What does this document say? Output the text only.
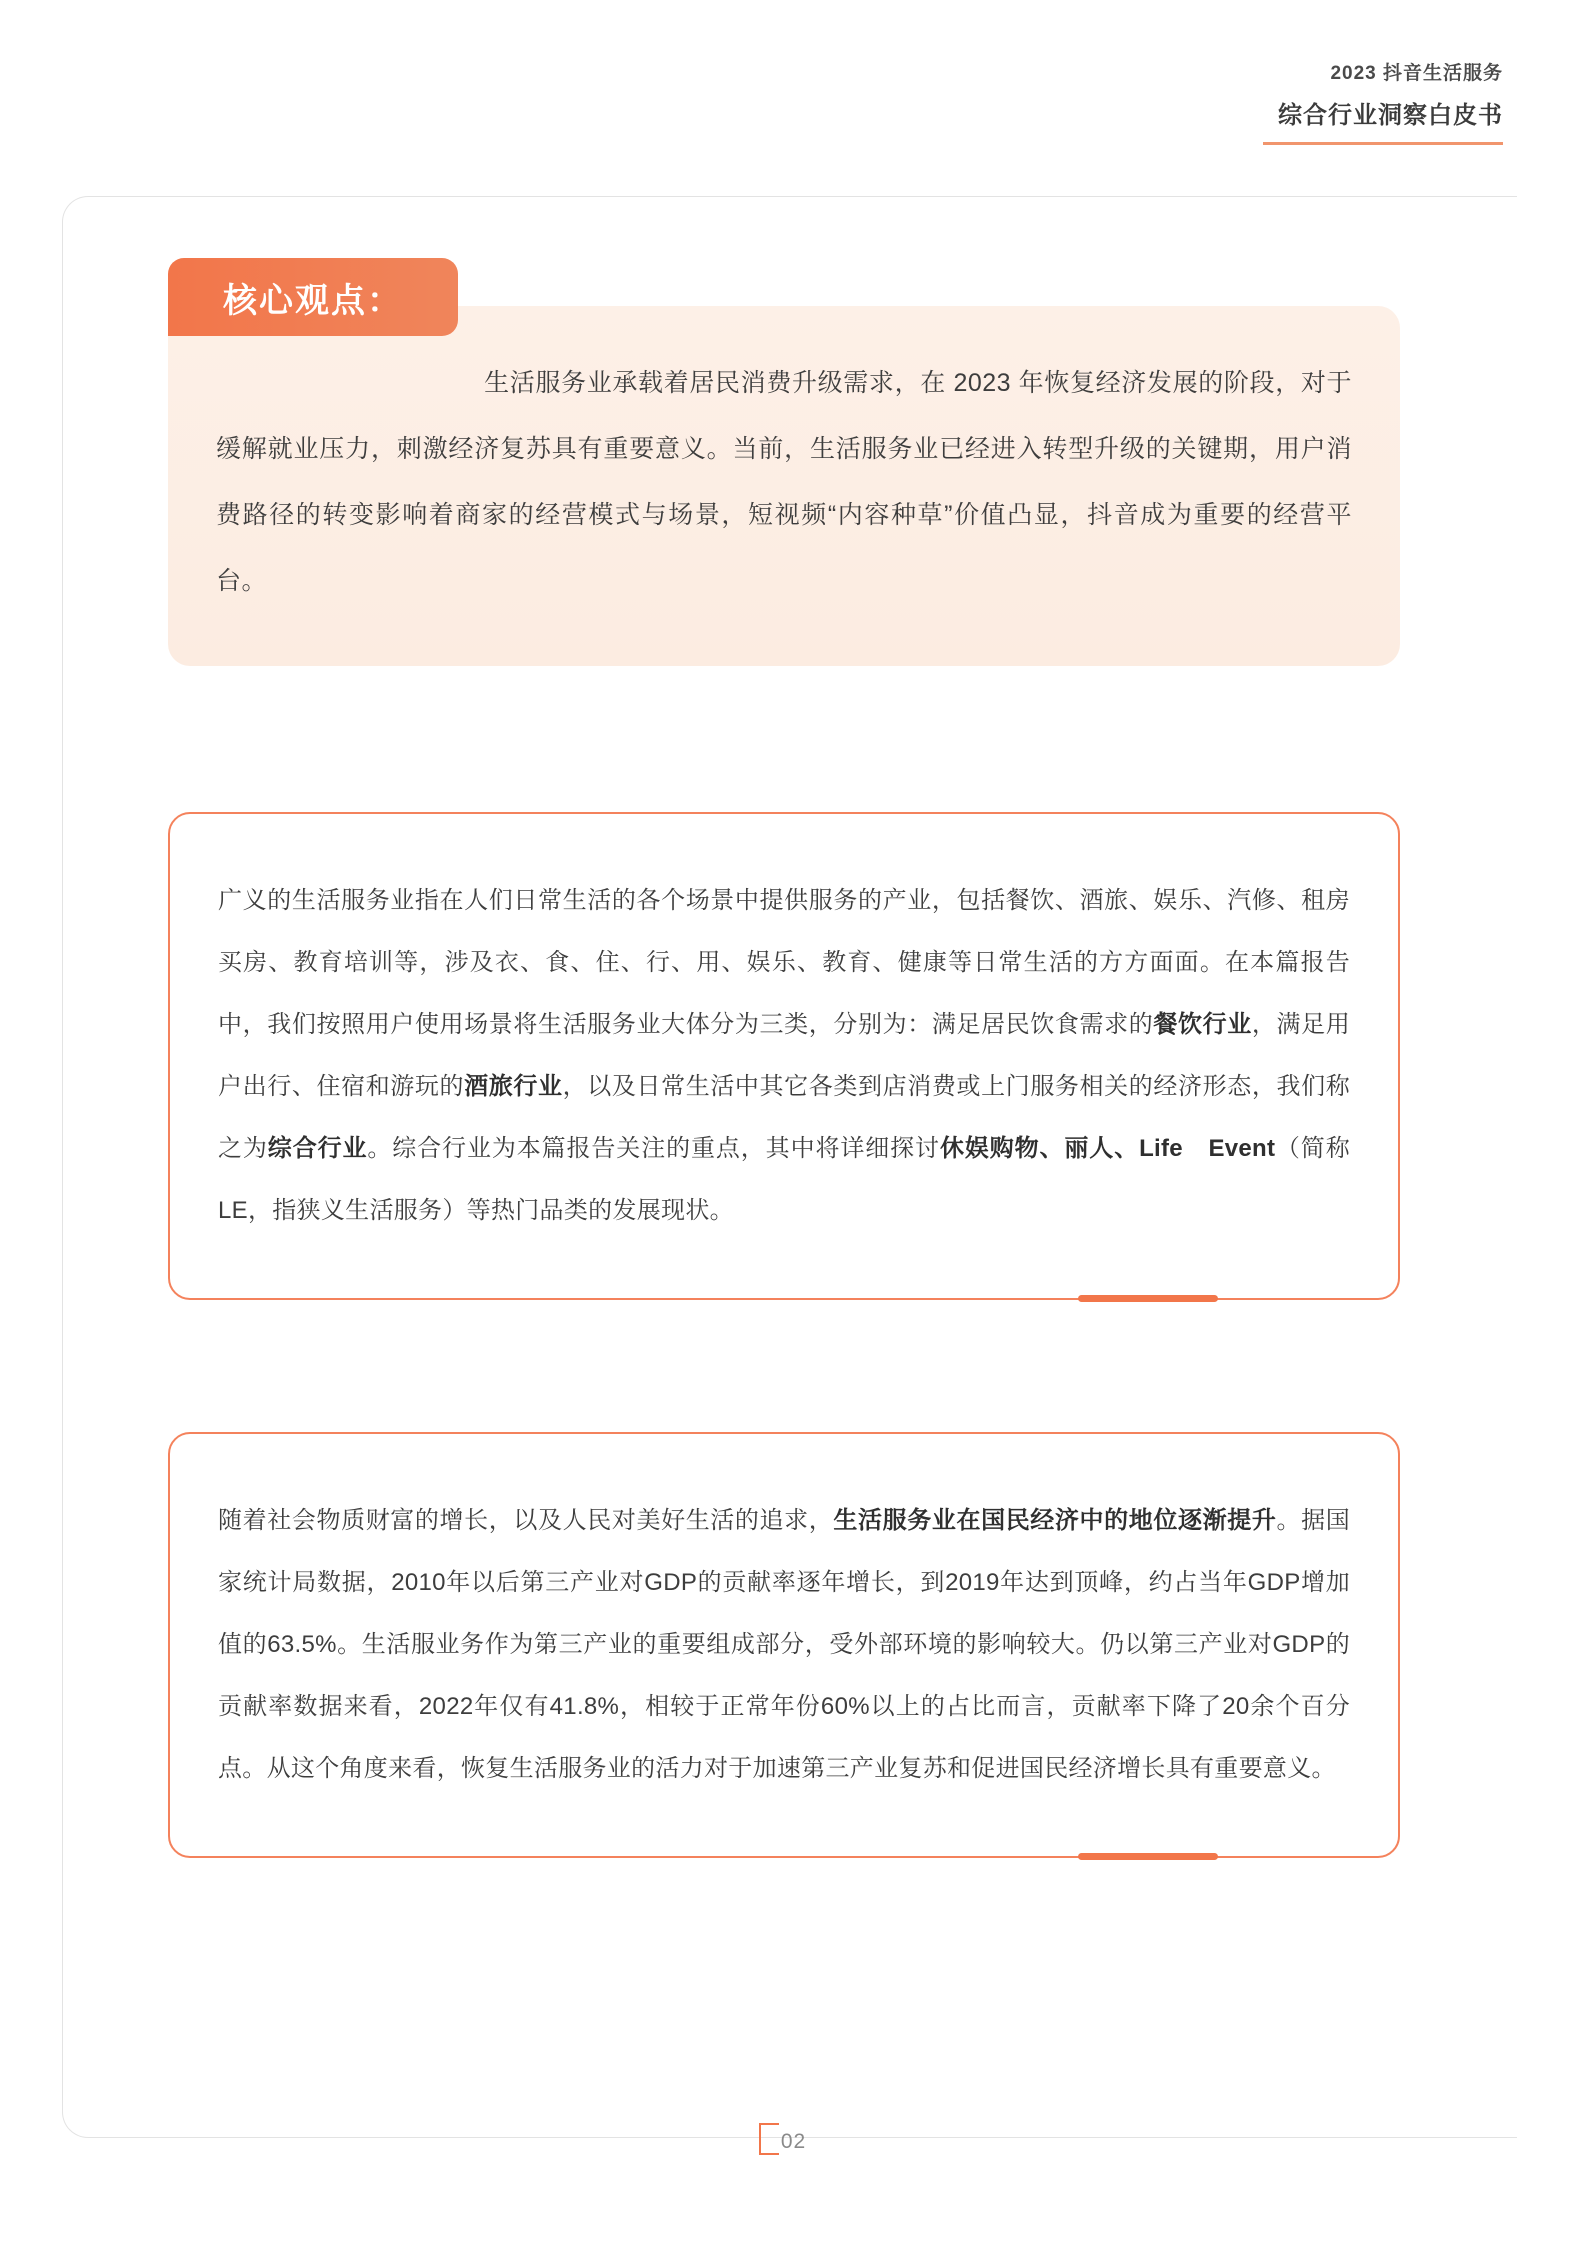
2023 抖音生活服务
综合行业洞察白皮书
生活服务业承载着居民消费升级需求，在 2023 年恢复经济发展的阶段，对于缓解就业压力，刺激经济复苏具有重要意义。当前，生活服务业已经进入转型升级的关键期，用户消费路径的转变影响着商家的经营模式与场景，短视频“内容种草”价值凸显，抖音成为重要的经营平台。
核心观点：
广义的生活服务业指在人们日常生活的各个场景中提供服务的产业，包括餐饮、酒旅、娱乐、汽修、租房买房、教育培训等，涉及衣、食、住、行、用、娱乐、教育、健康等日常生活的方方面面。在本篇报告中，我们按照用户使用场景将生活服务业大体分为三类，分别为：满足居民饮食需求的餐饮行业，满足用户出行、住宿和游玩的酒旅行业，以及日常生活中其它各类到店消费或上门服务相关的经济形态，我们称之为综合行业。综合行业为本篇报告关注的重点，其中将详细探讨休娱购物、丽人、Life　Event（简称LE，指狭义生活服务）等热门品类的发展现状。
随着社会物质财富的增长，以及人民对美好生活的追求，生活服务业在国民经济中的地位逐渐提升。据国家统计局数据，2010年以后第三产业对GDP的贡献率逐年增长，到2019年达到顶峰，约占当年GDP增加值的63.5%。生活服业务作为第三产业的重要组成部分，受外部环境的影响较大。仍以第三产业对GDP的贡献率数据来看，2022年仅有41.8%，相较于正常年份60%以上的占比而言，贡献率下降了20余个百分点。从这个角度来看，恢复生活服务业的活力对于加速第三产业复苏和促进国民经济增长具有重要意义。
02
